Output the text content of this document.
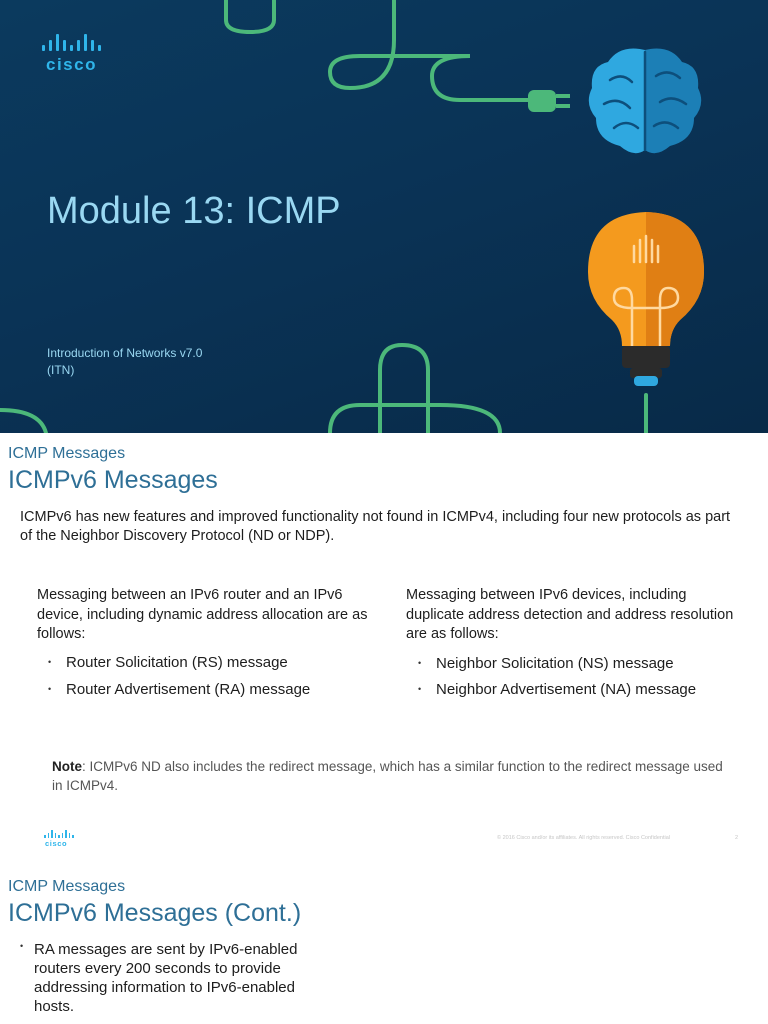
cisco
Module 13: ICMP
Introduction of Networks v7.0
(ITN)
ICMP Messages
ICMPv6 Messages
ICMPv6 has new features and improved functionality not found in ICMPv4, including four new protocols as part of the Neighbor Discovery Protocol (ND or NDP).
Messaging between an IPv6 router and an IPv6 device, including dynamic address allocation are as follows:
• Router Solicitation (RS) message
• Router Advertisement (RA) message
Messaging between IPv6 devices, including duplicate address detection and address resolution are as follows:
• Neighbor Solicitation (NS) message
• Neighbor Advertisement (NA) message
Note: ICMPv6 ND also includes the redirect message, which has a similar function to the redirect message used in ICMPv4.
cisco
© 2016 Cisco and/or its affiliates. All rights reserved. Cisco Confidential	2
ICMP Messages
ICMPv6 Messages (Cont.)
• RA messages are sent by IPv6-enabled routers every 200 seconds to provide addressing information to IPv6-enabled hosts.
